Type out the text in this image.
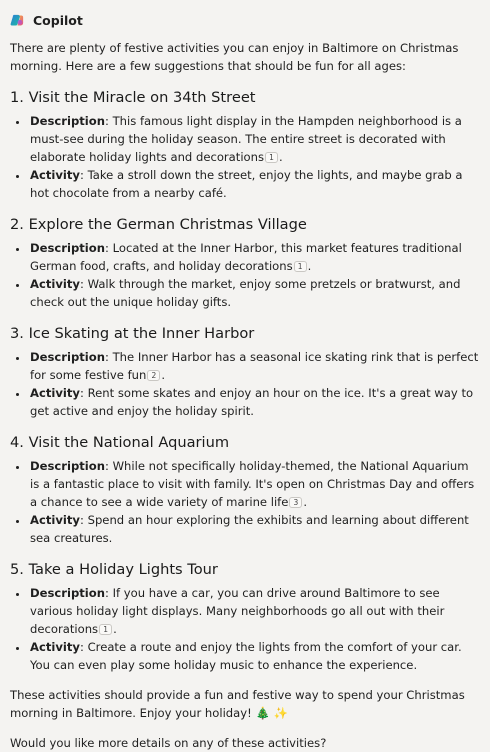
Copilot

There are plenty of festive activities you can enjoy in Baltimore on Christmas morning. Here are a few suggestions that should be fun for all ages:

1. Visit the Miracle on 34th Street
• Description: This famous light display in the Hampden neighborhood is a must-see during the holiday season. The entire street is decorated with elaborate holiday lights and decorations 1 .
• Activity: Take a stroll down the street, enjoy the lights, and maybe grab a hot chocolate from a nearby café.
2. Explore the German Christmas Village
• Description: Located at the Inner Harbor, this market features traditional German food, crafts, and holiday decorations 1 .
• Activity: Walk through the market, enjoy some pretzels or bratwurst, and check out the unique holiday gifts.
3. Ice Skating at the Inner Harbor
• Description: The Inner Harbor has a seasonal ice skating rink that is perfect for some festive fun 2 .
• Activity: Rent some skates and enjoy an hour on the ice. It's a great way to get active and enjoy the holiday spirit.
4. Visit the National Aquarium
• Description: While not specifically holiday-themed, the National Aquarium is a fantastic place to visit with family. It's open on Christmas Day and offers a chance to see a wide variety of marine life 3 .
• Activity: Spend an hour exploring the exhibits and learning about different sea creatures.
5. Take a Holiday Lights Tour
• Description: If you have a car, you can drive around Baltimore to see various holiday light displays. Many neighborhoods go all out with their decorations 1 .
• Activity: Create a route and enjoy the lights from the comfort of your car. You can even play some holiday music to enhance the experience.

These activities should provide a fun and festive way to spend your Christmas morning in Baltimore. Enjoy your holiday! 🎄 ✨

Would you like more details on any of these activities?
